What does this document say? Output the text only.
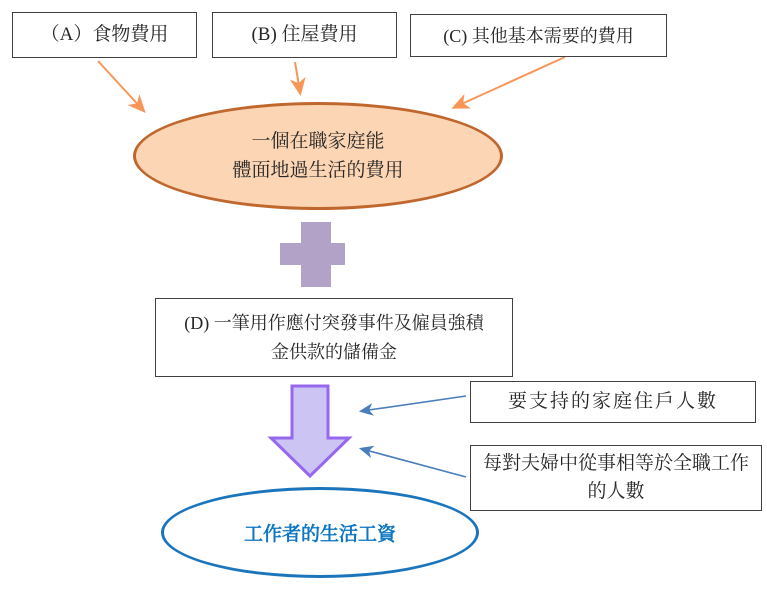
（A）食物費用	(B) 住屋費用	(C) 其他基本需要的費用
一個在職家庭能
體面地過生活的費用
(D) 一筆用作應付突發事件及僱員強積
金供款的儲備金
要支持的家庭住戶人數
每對夫婦中從事相等於全職工作
的人數
工作者的生活工資
